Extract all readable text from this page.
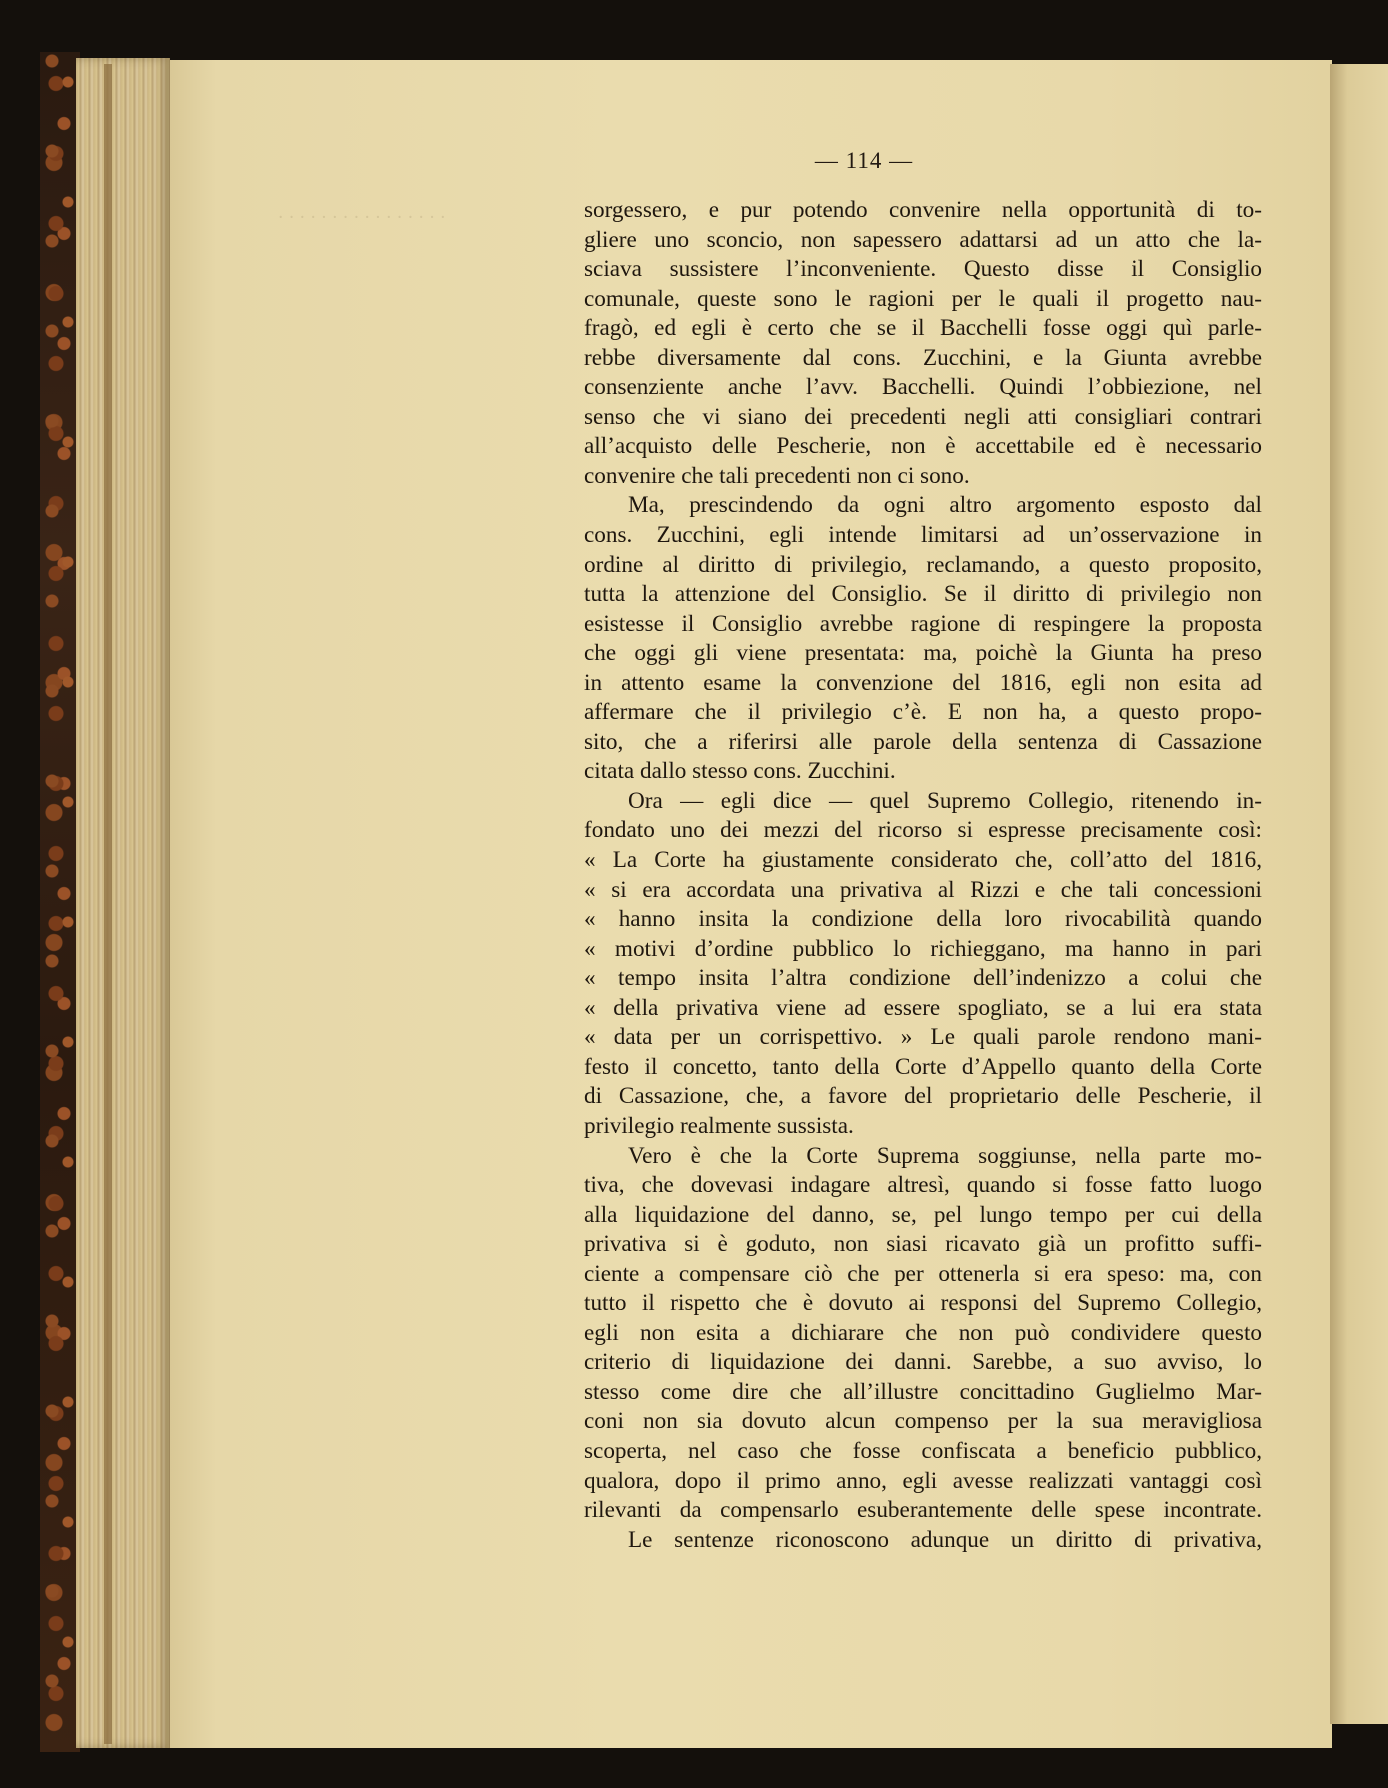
· · · · · · · · · · · · · · · ·
— 114 —
sorgessero, e pur potendo convenire nella opportunità di to-
gliere uno sconcio, non sapessero adattarsi ad un atto che la-
sciava sussistere l’inconveniente. Questo disse il Consiglio
comunale, queste sono le ragioni per le quali il progetto nau-
fragò, ed egli è certo che se il Bacchelli fosse oggi quì parle-
rebbe diversamente dal cons. Zucchini, e la Giunta avrebbe
consenziente anche l’avv. Bacchelli. Quindi l’obbiezione, nel
senso che vi siano dei precedenti negli atti consigliari contrari
all’acquisto delle Pescherie, non è accettabile ed è necessario
convenire che tali precedenti non ci sono.
Ma, prescindendo da ogni altro argomento esposto dal
cons. Zucchini, egli intende limitarsi ad un’osservazione in
ordine al diritto di privilegio, reclamando, a questo proposito,
tutta la attenzione del Consiglio. Se il diritto di privilegio non
esistesse il Consiglio avrebbe ragione di respingere la proposta
che oggi gli viene presentata: ma, poichè la Giunta ha preso
in attento esame la convenzione del 1816, egli non esita ad
affermare che il privilegio c’è. E non ha, a questo propo-
sito, che a riferirsi alle parole della sentenza di Cassazione
citata dallo stesso cons. Zucchini.
Ora — egli dice — quel Supremo Collegio, ritenendo in-
fondato uno dei mezzi del ricorso si espresse precisamente così:
« La Corte ha giustamente considerato che, coll’atto del 1816,
« si era accordata una privativa al Rizzi e che tali concessioni
« hanno insita la condizione della loro rivocabilità quando
« motivi d’ordine pubblico lo richieggano, ma hanno in pari
« tempo insita l’altra condizione dell’indenizzo a colui che
« della privativa viene ad essere spogliato, se a lui era stata
« data per un corrispettivo. » Le quali parole rendono mani-
festo il concetto, tanto della Corte d’Appello quanto della Corte
di Cassazione, che, a favore del proprietario delle Pescherie, il
privilegio realmente sussista.
Vero è che la Corte Suprema soggiunse, nella parte mo-
tiva, che dovevasi indagare altresì, quando si fosse fatto luogo
alla liquidazione del danno, se, pel lungo tempo per cui della
privativa si è goduto, non siasi ricavato già un profitto suffi-
ciente a compensare ciò che per ottenerla si era speso: ma, con
tutto il rispetto che è dovuto ai responsi del Supremo Collegio,
egli non esita a dichiarare che non può condividere questo
criterio di liquidazione dei danni. Sarebbe, a suo avviso, lo
stesso come dire che all’illustre concittadino Guglielmo Mar-
coni non sia dovuto alcun compenso per la sua meravigliosa
scoperta, nel caso che fosse confiscata a beneficio pubblico,
qualora, dopo il primo anno, egli avesse realizzati vantaggi così
rilevanti da compensarlo esuberantemente delle spese incontrate.
Le sentenze riconoscono adunque un diritto di privativa,
